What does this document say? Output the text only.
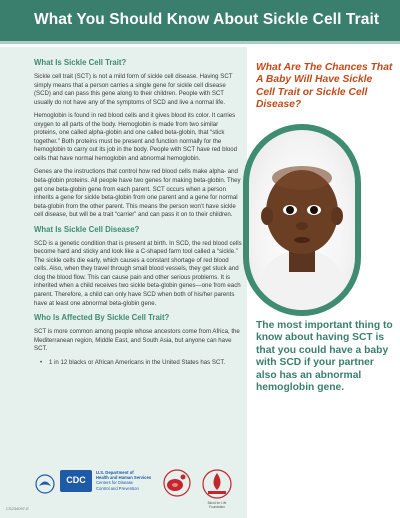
What You Should Know About Sickle Cell Trait
What Is Sickle Cell Trait?

Sickle cell trait (SCT) is not a mild form of sickle cell disease. Having SCT simply means that a person carries a single gene for sickle cell disease (SCD) and can pass this gene along to their children. People with SCT usually do not have any of the symptoms of SCD and live a normal life.

Hemoglobin is found in red blood cells and it gives blood its color. It carries oxygen to all parts of the body. Hemoglobin is made from two similar proteins, one called alpha-globin and one called beta-globin, that “stick together.” Both proteins must be present and function normally for the hemoglobin to carry out its job in the body. People with SCT have red blood cells that have normal hemoglobin and abnormal hemoglobin.

Genes are the instructions that control how red blood cells make alpha- and beta-globin proteins. All people have two genes for making beta-globin. They get one beta-globin gene from each parent. SCT occurs when a person inherits a gene for sickle beta-globin from one parent and a gene for normal beta-globin from the other parent. This means the person won’t have sickle cell disease, but will be a trait “carrier” and can pass it on to their children.

What Is Sickle Cell Disease?

SCD is a genetic condition that is present at birth. In SCD, the red blood cells become hard and sticky and look like a C-shaped farm tool called a “sickle.” The sickle cells die early, which causes a constant shortage of red blood cells. Also, when they travel through small blood vessels, they get stuck and clog the blood flow. This can cause pain and other serious problems. It is inherited when a child receives two sickle beta-globin genes—one from each parent. Therefore, a child can only have SCD when both of his/her parents have at least one abnormal beta-globin gene.

Who Is Affected By Sickle Cell Trait?

SCT is more common among people whose ancestors come from Africa, the Mediterranean region, Middle East, and South Asia, but anyone can have SCT.

• 1 in 12 blacks or African Americans in the United States has SCT.
What Are The Chances That A Baby Will Have Sickle Cell Trait or Sickle Cell Disease?
The most important thing to know about having SCT is that you could have a baby with SCD if your partner also has an abnormal hemoglobin gene.
CDC
U.S. Department of
Health and Human Services
Centers for Disease
Control and Prevention
Blood for Life Foundation
CS234097-E
